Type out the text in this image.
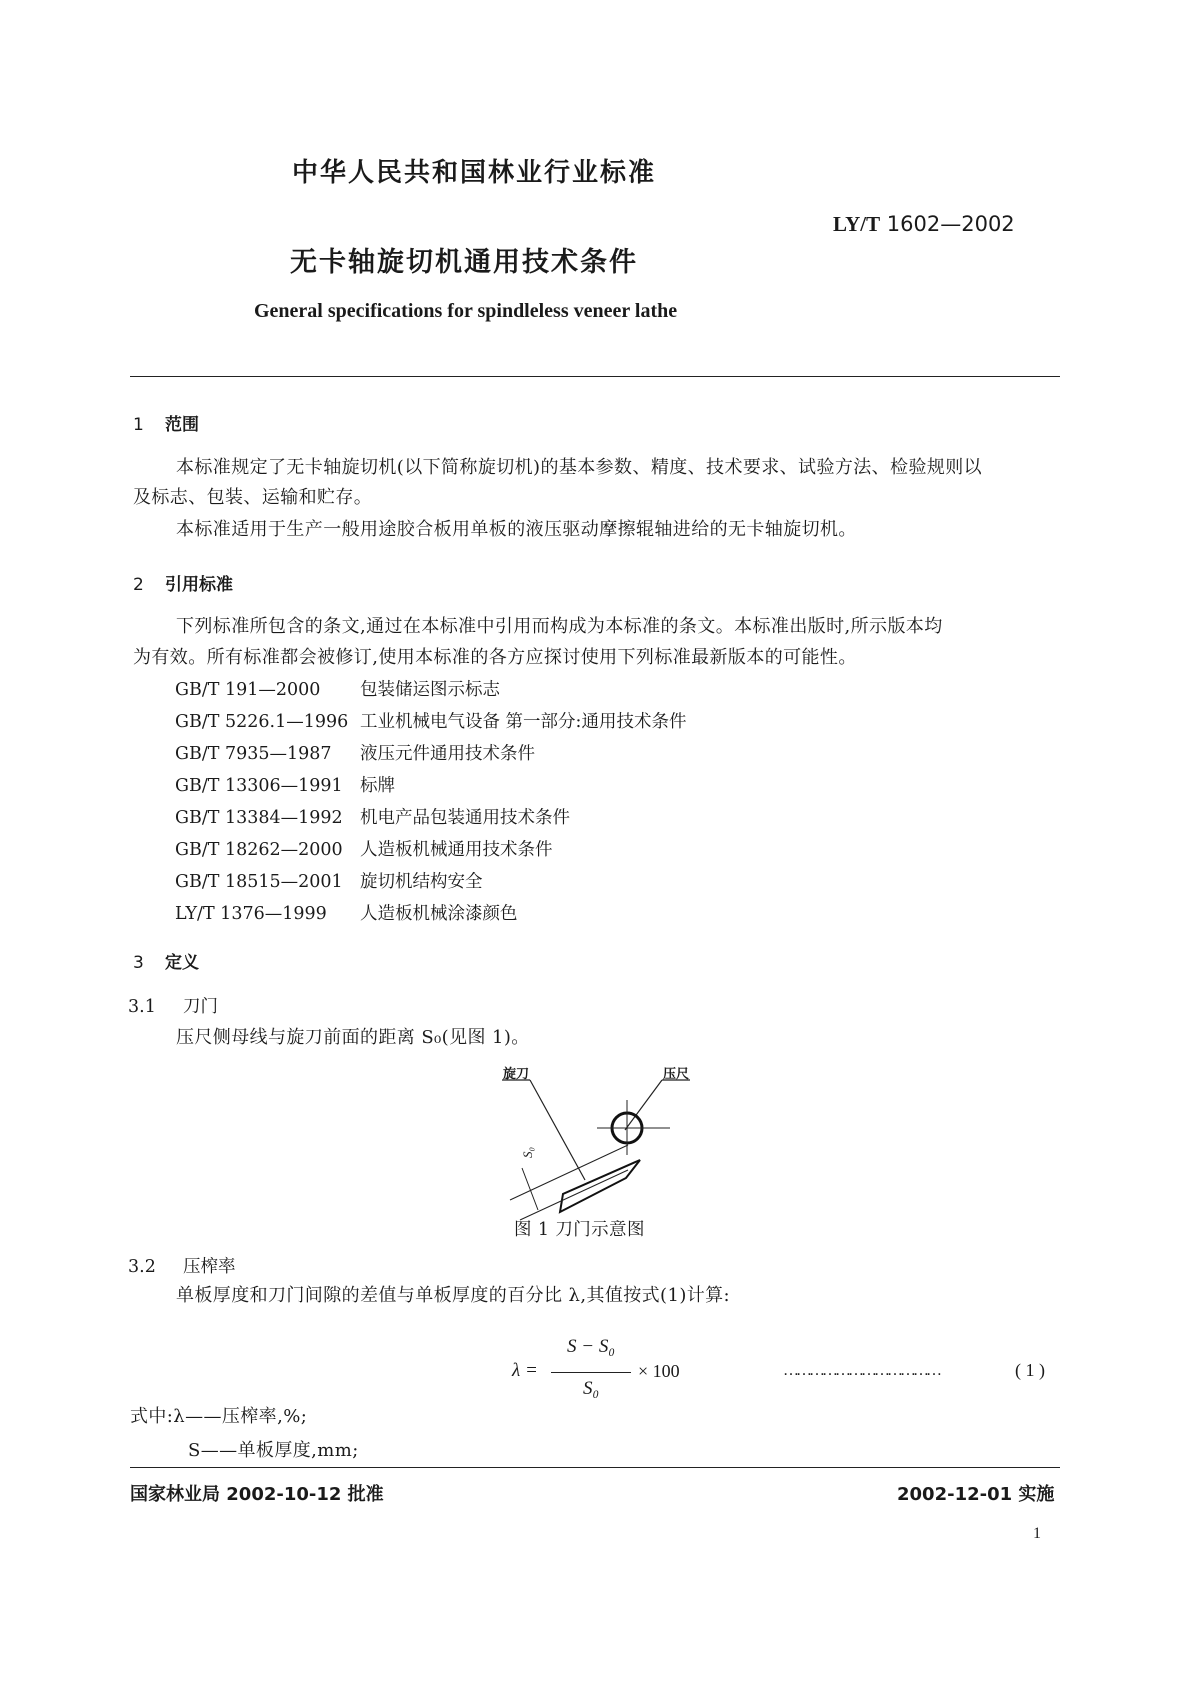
中华人民共和国林业行业标准
LY/T 1602—2002
无卡轴旋切机通用技术条件
General specifications for spindleless veneer lathe
1 范围
本标准规定了无卡轴旋切机(以下简称旋切机)的基本参数、精度、技术要求、试验方法、检验规则以
及标志、包装、运输和贮存。
本标准适用于生产一般用途胶合板用单板的液压驱动摩擦辊轴进给的无卡轴旋切机。
2 引用标准
下列标准所包含的条文,通过在本标准中引用而构成为本标准的条文。本标准出版时,所示版本均
为有效。所有标准都会被修订,使用本标准的各方应探讨使用下列标准最新版本的可能性。
GB/T 191—2000 包装储运图示标志
GB/T 5226.1—1996 工业机械电气设备 第一部分:通用技术条件
GB/T 7935—1987 液压元件通用技术条件
GB/T 13306—1991 标牌
GB/T 13384—1992 机电产品包装通用技术条件
GB/T 18262—2000 人造板机械通用技术条件
GB/T 18515—2001 旋切机结构安全
LY/T 1376—1999 人造板机械涂漆颜色
3 定义
3.1 刀门
压尺侧母线与旋刀前面的距离 S₀(见图 1)。
旋刀	压尺
S₀
图 1 刀门示意图
3.2 压榨率
单板厚度和刀门间隙的差值与单板厚度的百分比 λ,其值按式(1)计算:
λ =
S − S₀
S₀
× 100	………………………………	( 1 )
式中:λ——压榨率,%;
S——单板厚度,mm;
国家林业局 2002-10-12 批准	2002-12-01 实施
1
